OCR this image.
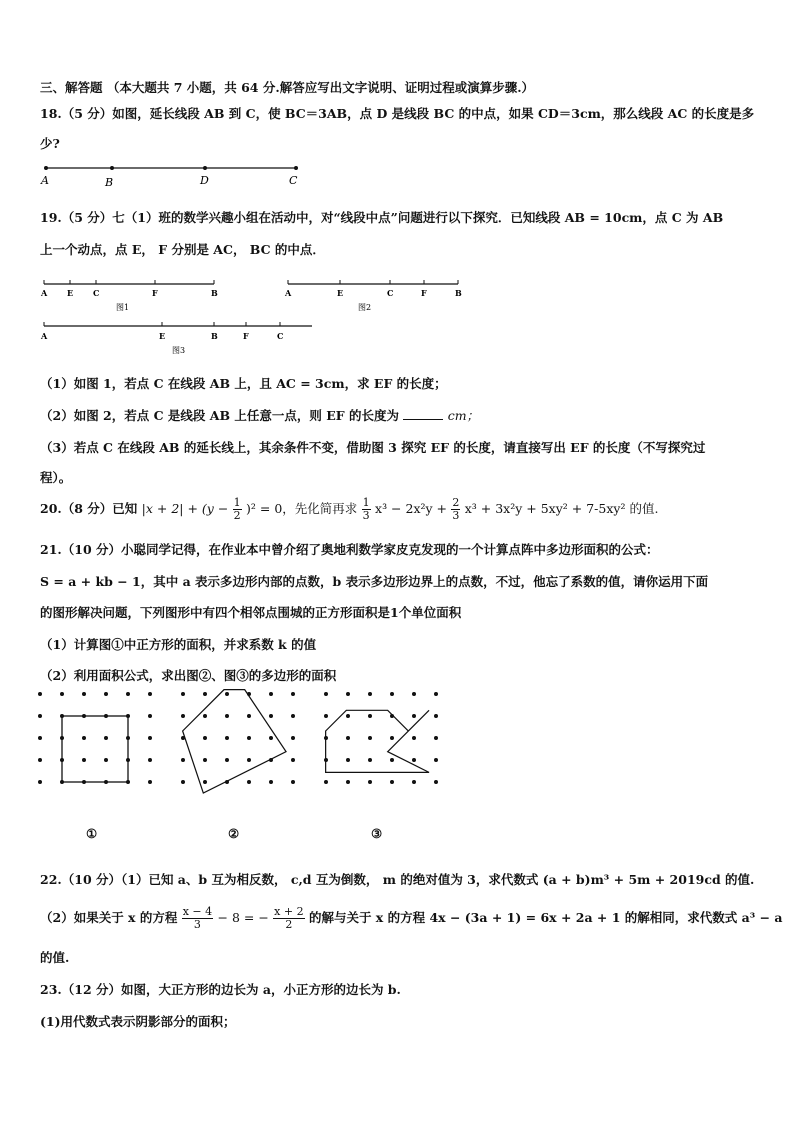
三、解答题 （本大题共 7 小题，共 64 分.解答应写出文字说明、证明过程或演算步骤.）
18.（5 分）如图，延长线段 AB 到 C，使 BC＝3AB，点 D 是线段 BC 的中点，如果 CD＝3cm，那么线段 AC 的长度是多
少?
A	B	D	C
19.（5 分）七（1）班的数学兴趣小组在活动中，对“线段中点”问题进行以下探究．已知线段 AB = 10cm，点 C 为 AB
上一个动点，点 E， F 分别是 AC， BC 的中点．
A E C	F	B
图1
A	E	C	F	B
图2
A	E	B	F	C
图3
（1）如图 1，若点 C 在线段 AB 上，且 AC = 3cm，求 EF 的长度；
（2）如图 2，若点 C 是线段 AB 上任意一点，则 EF 的长度为	cm；
（3）若点 C 在线段 AB 的延长线上，其余条件不变，借助图 3 探究 EF 的长度，请直接写出 EF 的长度（不写探究过
程）。
20.（8 分）已知 $|x + 2| + (y - \frac{1}{2} )^2 = 0$，先化简再求 $\frac{1}{3} x^3 - 2x^2y + \frac{2}{3} x^3 + 3x^2y + 5xy^2 + 7-5xy^2$ 的值.
21.（10 分）小聪同学记得，在作业本中曾介绍了奥地利数学家皮克发现的一个计算点阵中多边形面积的公式：
S = a + kb − 1，其中 a 表示多边形内部的点数，b 表示多边形边界上的点数，不过，他忘了系数的值，请你运用下面
的图形解决问题，下列图形中有四个相邻点围城的正方形面积是1个单位面积
（1）计算图①中正方形的面积，并求系数 k 的值
（2）利用面积公式，求出图②、图③的多边形的面积
①	②	③
22.（10 分）（1）已知 a、b 互为相反数， c,d 互为倒数， m 的绝对值为 3，求代数式 (a + b)m³ + 5m + 2019cd 的值.
（2）如果关于 x 的方程 $\frac{x - 4}{3} - 8$ = − $\frac{x + 2}{2}$ 的解与关于 x 的方程 4x − (3a + 1) = 6x + 2a + 1 的解相同，求代数式 a³ − a
的值.
23.（12 分）如图，大正方形的边长为 a，小正方形的边长为 b.
(1)用代数式表示阴影部分的面积；
